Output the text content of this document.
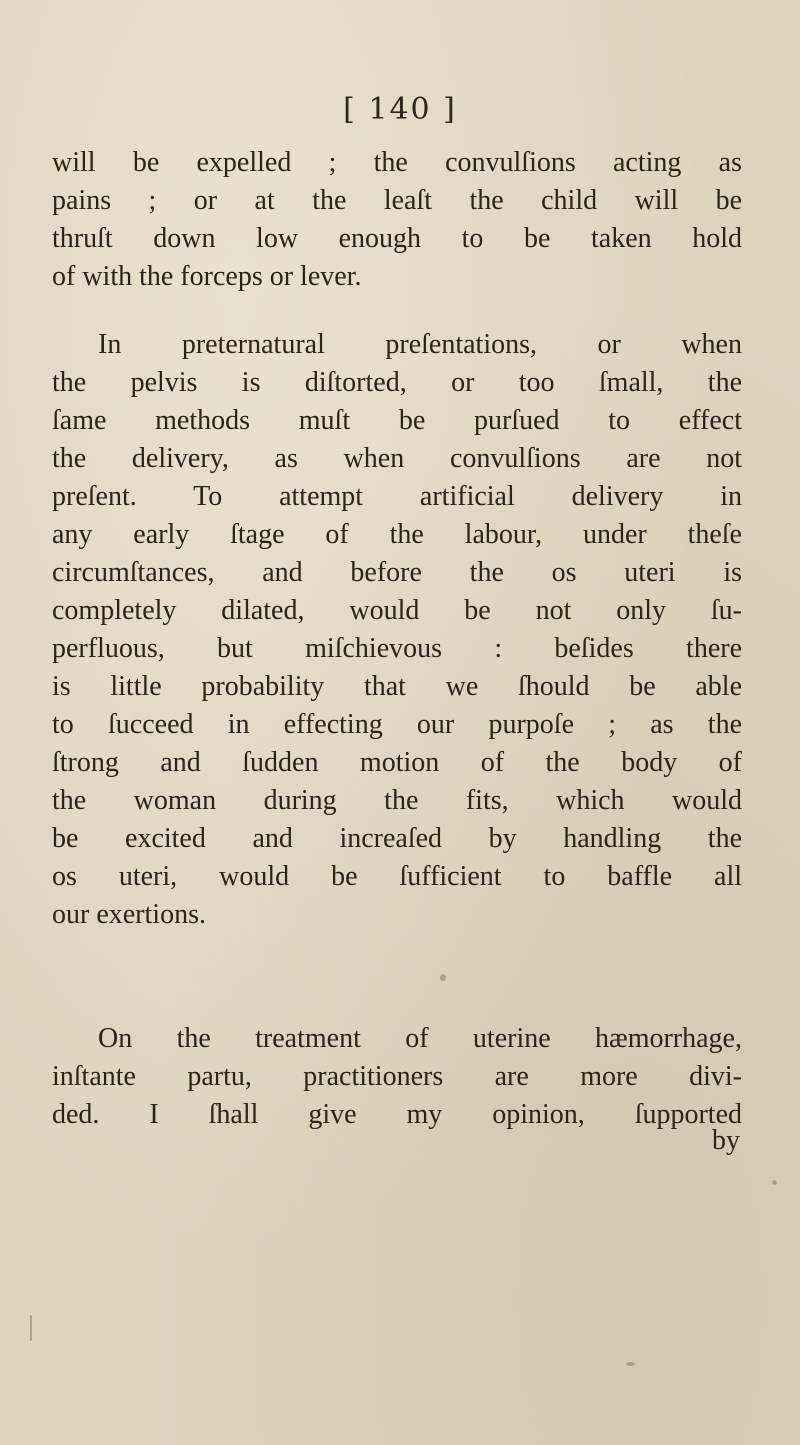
[ 140 ]
will be expelled ; the convulſions acting as
pains ; or at the leaſt the child will be
thruſt down low enough to be taken hold
of with the forceps or lever.
In preternatural preſentations, or when
the pelvis is diſtorted, or too ſmall, the
ſame methods muſt be purſued to effect
the delivery, as when convulſions are not
preſent. To attempt artificial delivery in
any early ſtage of the labour, under theſe
circumſtances, and before the os uteri is
completely dilated, would be not only ſu-
perfluous, but miſchievous : beſides there
is little probability that we ſhould be able
to ſucceed in effecting our purpoſe ; as the
ſtrong and ſudden motion of the body of
the woman during the fits, which would
be excited and increaſed by handling the
os uteri, would be ſufficient to baffle all
our exertions.
On the treatment of uterine hæmorrhage,
inſtante partu, practitioners are more divi-
ded. I ſhall give my opinion, ſupported
by
